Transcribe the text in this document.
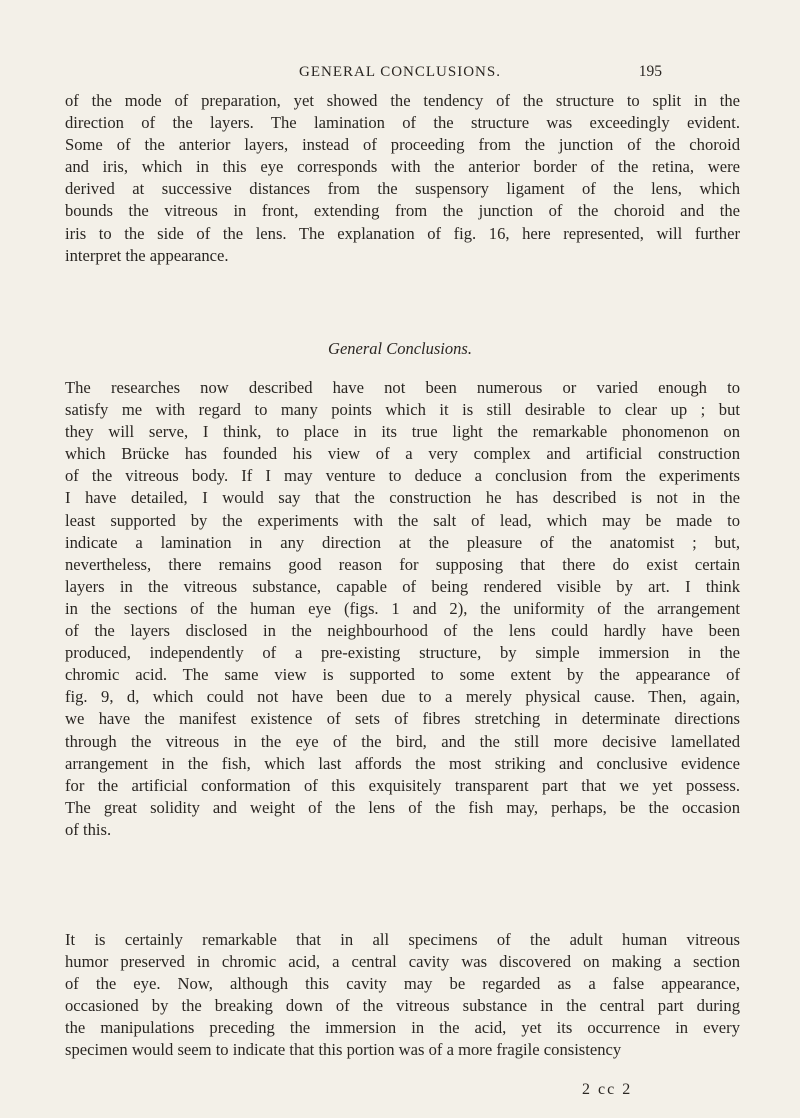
GENERAL CONCLUSIONS.	195
of the mode of preparation, yet showed the tendency of the structure to split in the
direction of the layers. The lamination of the structure was exceedingly evident.
Some of the anterior layers, instead of proceeding from the junction of the choroid
and iris, which in this eye corresponds with the anterior border of the retina, were
derived at successive distances from the suspensory ligament of the lens, which
bounds the vitreous in front, extending from the junction of the choroid and the
iris to the side of the lens. The explanation of fig. 16, here represented, will further
interpret the appearance.
General Conclusions.
The researches now described have not been numerous or varied enough to
satisfy me with regard to many points which it is still desirable to clear up ; but
they will serve, I think, to place in its true light the remarkable phonomenon on
which Brücke has founded his view of a very complex and artificial construction
of the vitreous body. If I may venture to deduce a conclusion from the experiments
I have detailed, I would say that the construction he has described is not in the
least supported by the experiments with the salt of lead, which may be made to
indicate a lamination in any direction at the pleasure of the anatomist ; but,
nevertheless, there remains good reason for supposing that there do exist certain
layers in the vitreous substance, capable of being rendered visible by art. I think
in the sections of the human eye (figs. 1 and 2), the uniformity of the arrangement
of the layers disclosed in the neighbourhood of the lens could hardly have been
produced, independently of a pre-existing structure, by simple immersion in the
chromic acid. The same view is supported to some extent by the appearance of
fig. 9, d, which could not have been due to a merely physical cause. Then, again,
we have the manifest existence of sets of fibres stretching in determinate directions
through the vitreous in the eye of the bird, and the still more decisive lamellated
arrangement in the fish, which last affords the most striking and conclusive evidence
for the artificial conformation of this exquisitely transparent part that we yet possess.
The great solidity and weight of the lens of the fish may, perhaps, be the occasion
of this.
It is certainly remarkable that in all specimens of the adult human vitreous
humor preserved in chromic acid, a central cavity was discovered on making a section
of the eye. Now, although this cavity may be regarded as a false appearance,
occasioned by the breaking down of the vitreous substance in the central part during
the manipulations preceding the immersion in the acid, yet its occurrence in every
specimen would seem to indicate that this portion was of a more fragile consistency
2 cc 2
